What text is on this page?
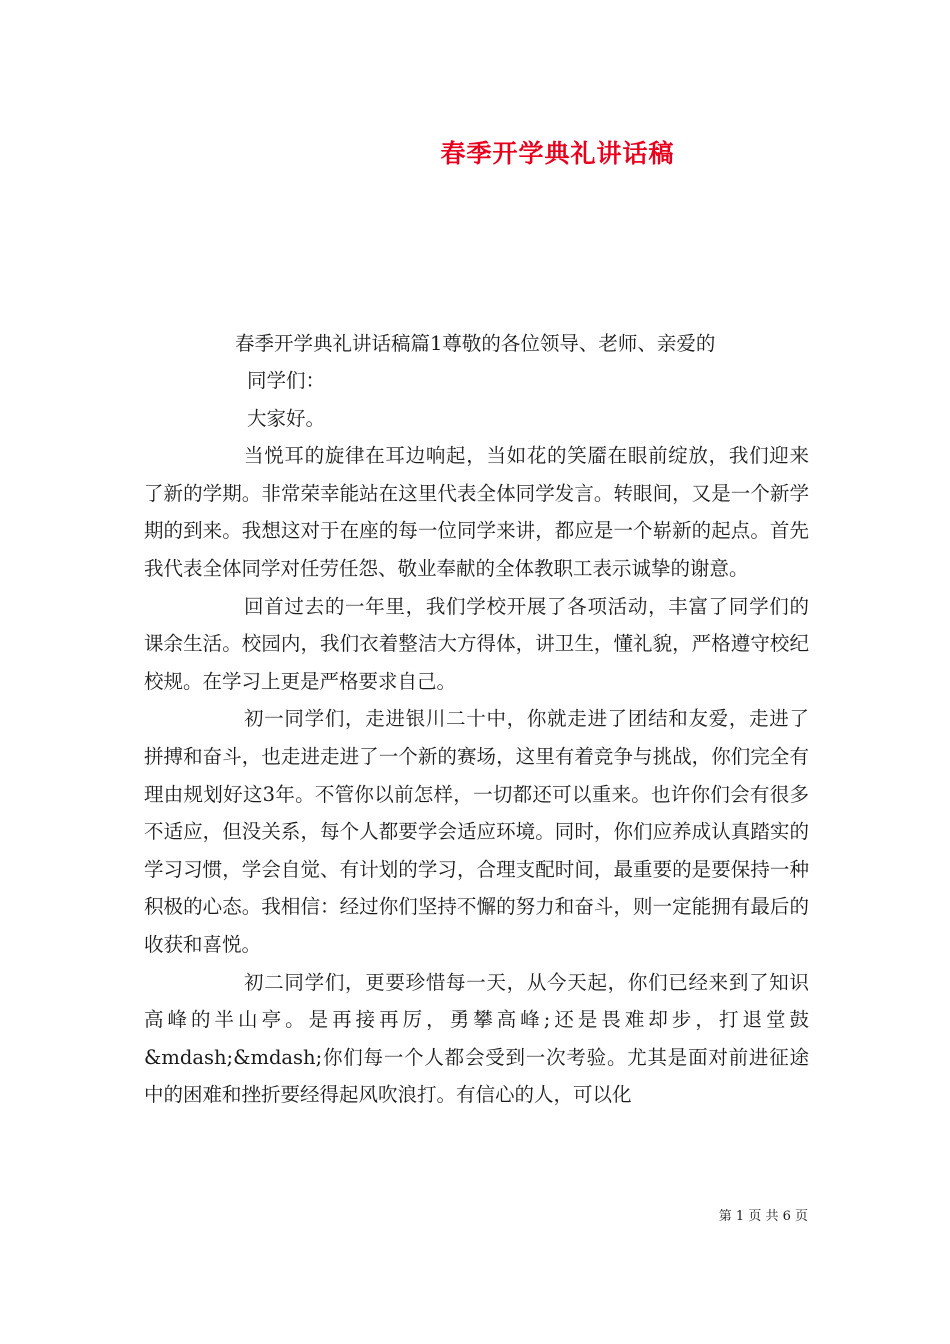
春季开学典礼讲话稿

春季开学典礼讲话稿篇1尊敬的各位领导、老师、亲爱的

同学们：

大家好。

当悦耳的旋律在耳边响起，当如花的笑靥在眼前绽放，我们迎来了新的学期。非常荣幸能站在这里代表全体同学发言。转眼间，又是一个新学期的到来。我想这对于在座的每一位同学来讲，都应是一个崭新的起点。首先我代表全体同学对任劳任怨、敬业奉献的全体教职工表示诚挚的谢意。

回首过去的一年里，我们学校开展了各项活动，丰富了同学们的课余生活。校园内，我们衣着整洁大方得体，讲卫生，懂礼貌，严格遵守校纪校规。在学习上更是严格要求自己。

初一同学们，走进银川二十中，你就走进了团结和友爱，走进了拼搏和奋斗，也走进走进了一个新的赛场，这里有着竞争与挑战，你们完全有理由规划好这3年。不管你以前怎样，一切都还可以重来。也许你们会有很多不适应，但没关系，每个人都要学会适应环境。同时，你们应养成认真踏实的学习习惯，学会自觉、有计划的学习，合理支配时间，最重要的是要保持一种积极的心态。我相信：经过你们坚持不懈的努力和奋斗，则一定能拥有最后的收获和喜悦。

初二同学们，更要珍惜每一天，从今天起，你们已经来到了知识高峰的半山亭。是再接再厉，勇攀高峰;还是畏难却步，打退堂鼓&mdash;&mdash;你们每一个人都会受到一次考验。尤其是面对前进征途中的困难和挫折要经得起风吹浪打。有信心的人，可以化

第 1 页 共 6 页
